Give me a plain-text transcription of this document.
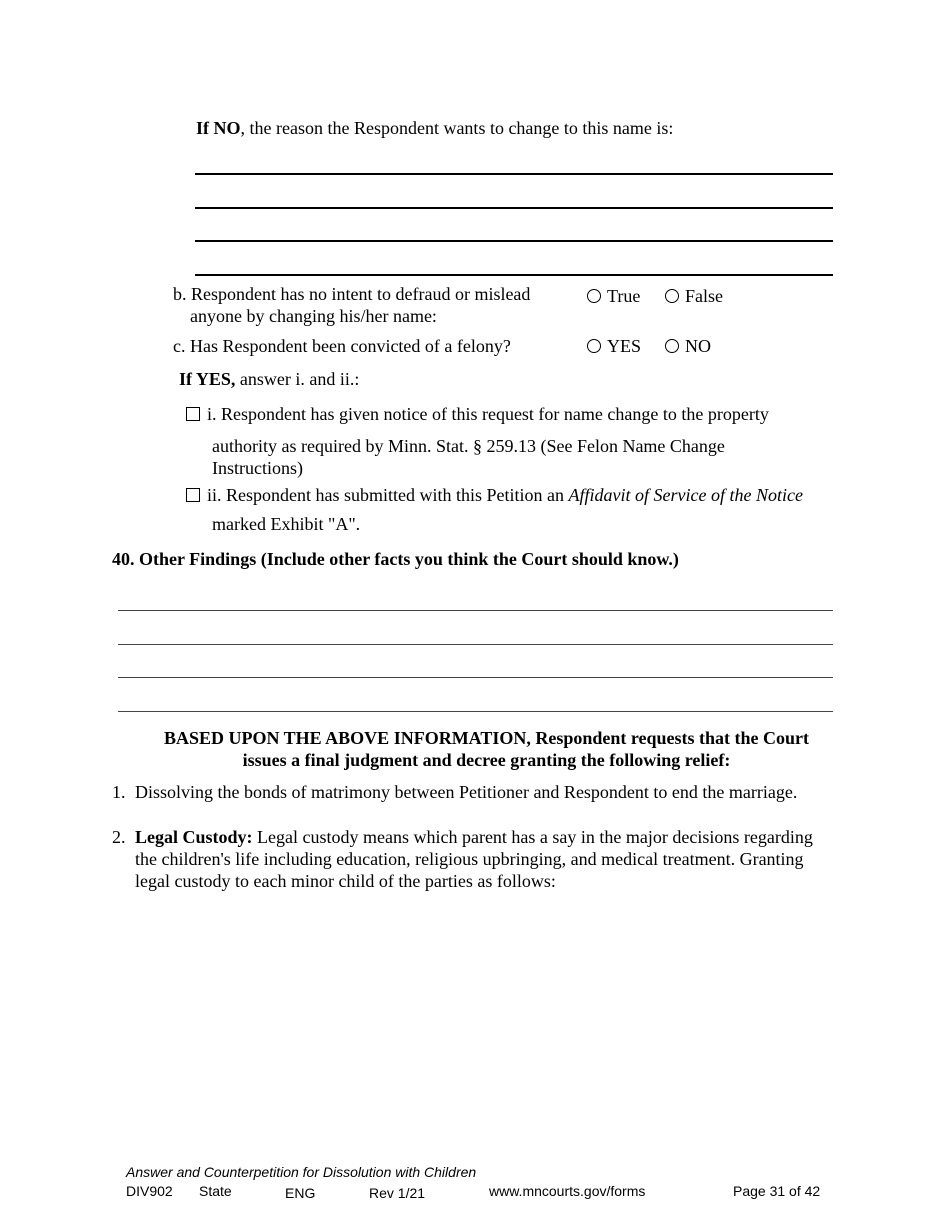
If NO, the reason the Respondent wants to change to this name is:
b. Respondent has no intent to defraud or mislead
anyone by changing his/her name:
True	False
c. Has Respondent been convicted of a felony?	YES	NO
If YES, answer i. and ii.:
i. Respondent has given notice of this request for name change to the property
authority as required by Minn. Stat. § 259.13 (See Felon Name Change
Instructions)
ii. Respondent has submitted with this Petition an Affidavit of Service of the Notice
marked Exhibit "A".
40. Other Findings (Include other facts you think the Court should know.)
BASED UPON THE ABOVE INFORMATION, Respondent requests that the Court
issues a final judgment and decree granting the following relief:
1. Dissolving the bonds of matrimony between Petitioner and Respondent to end the marriage.
2. Legal Custody: Legal custody means which parent has a say in the major decisions regarding
the children's life including education, religious upbringing, and medical treatment. Granting
legal custody to each minor child of the parties as follows:
Answer and Counterpetition for Dissolution with Children
DIV902 State	ENG	Rev 1/21	www.mncourts.gov/forms	Page 31 of 42
